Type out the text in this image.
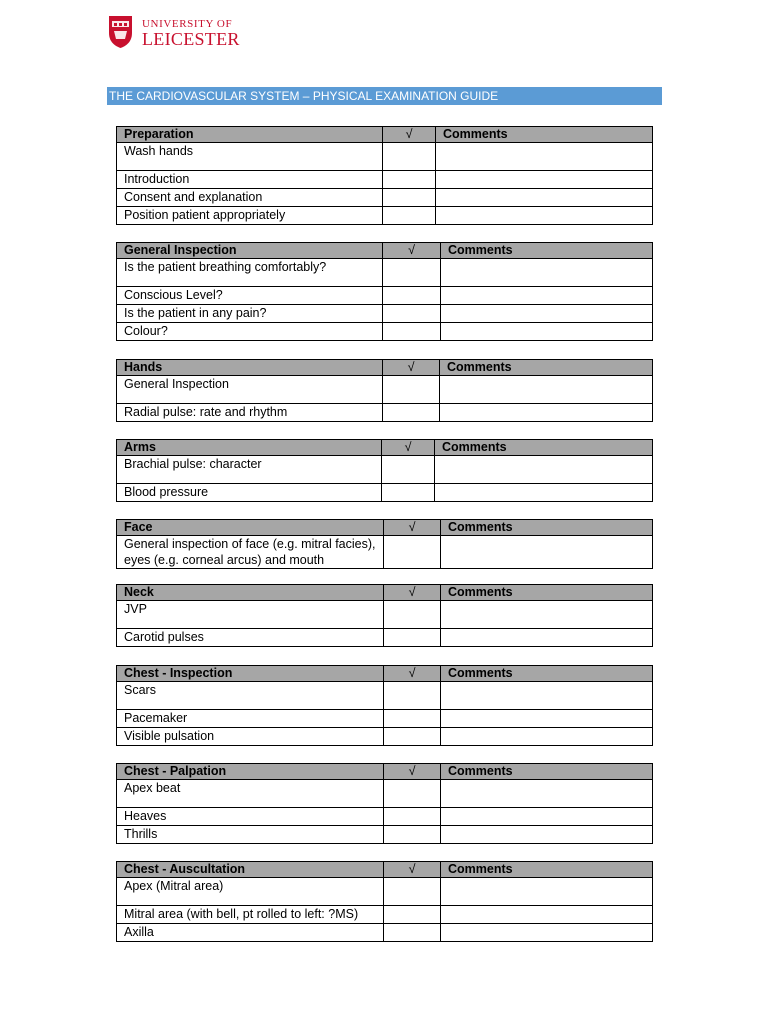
UNIVERSITY OF
LEICESTER
THE CARDIOVASCULAR SYSTEM – PHYSICAL EXAMINATION GUIDE
Preparation	√	Comments
Wash hands		
Introduction		
Consent and explanation		
Position patient appropriately		
General Inspection	√	Comments
Is the patient breathing comfortably?		
Conscious Level?		
Is the patient in any pain?		
Colour?		
Hands	√	Comments
General Inspection		
Radial pulse: rate and rhythm		
Arms	√	Comments
Brachial pulse: character		
Blood pressure		
Face	√	Comments
General inspection of face (e.g. mitral facies), eyes (e.g. corneal arcus) and mouth		
Neck	√	Comments
JVP		
Carotid pulses		
Chest - Inspection	√	Comments
Scars		
Pacemaker		
Visible pulsation		
Chest - Palpation	√	Comments
Apex beat		
Heaves		
Thrills		
Chest - Auscultation	√	Comments
Apex (Mitral area)		
Mitral area (with bell, pt rolled to left: ?MS)		
Axilla		
